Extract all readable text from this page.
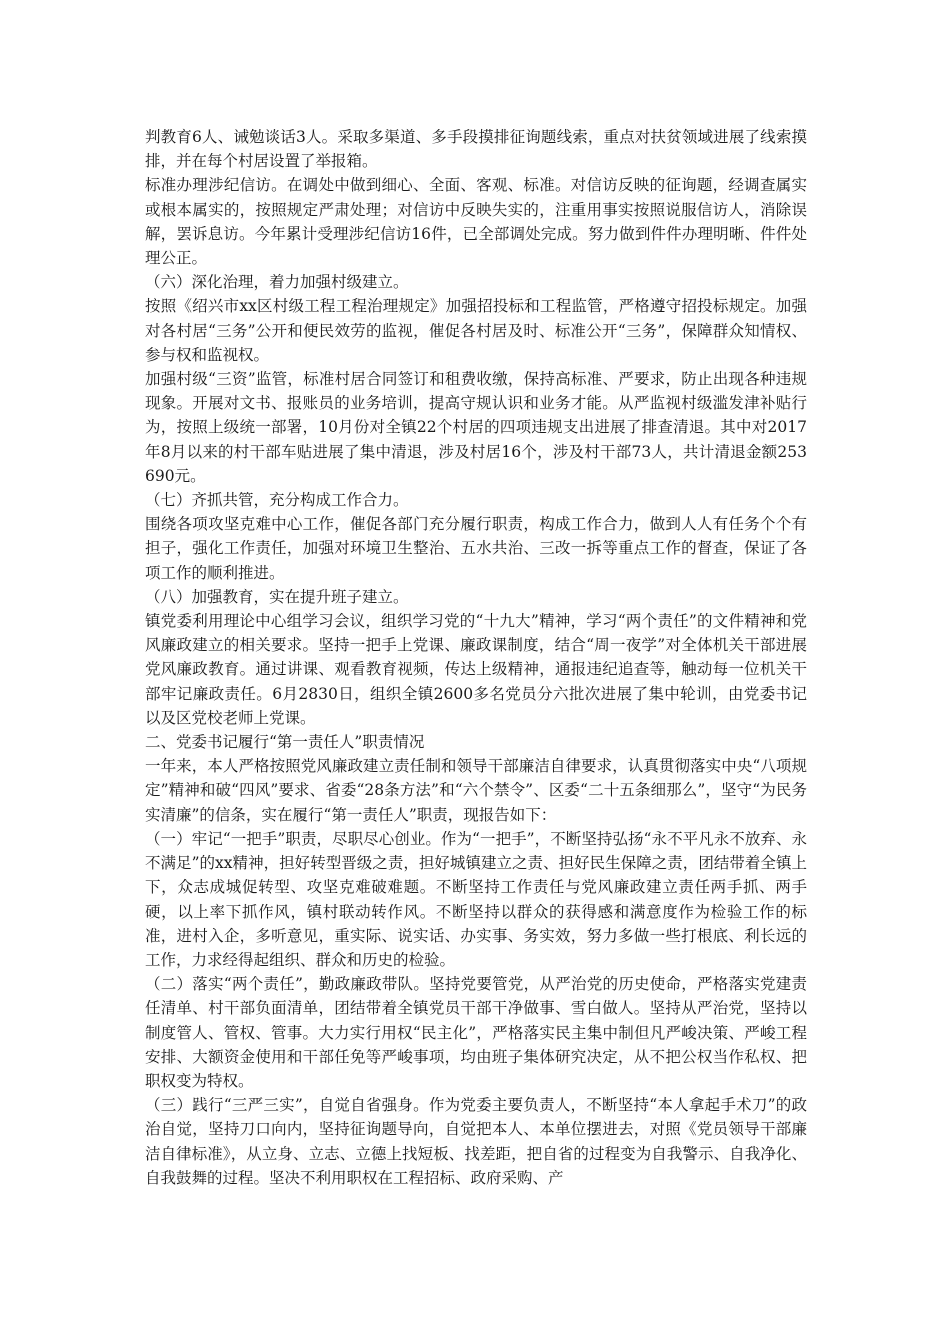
判教育6人、诫勉谈话3人。采取多渠道、多手段摸排征询题线索，重点对扶贫领域进展了线索摸排，并在每个村居设置了举报箱。

标准办理涉纪信访。在调处中做到细心、全面、客观、标准。对信访反映的征询题，经调查属实或根本属实的，按照规定严肃处理；对信访中反映失实的，注重用事实按照说服信访人，消除误解，罢诉息访。今年累计受理涉纪信访16件，已全部调处完成。努力做到件件办理明晰、件件处理公正。

（六）深化治理，着力加强村级建立。

按照《绍兴市xx区村级工程工程治理规定》加强招投标和工程监管，严格遵守招投标规定。加强对各村居“三务”公开和便民效劳的监视，催促各村居及时、标准公开“三务”，保障群众知情权、参与权和监视权。

加强村级“三资”监管，标准村居合同签订和租费收缴，保持高标准、严要求，防止出现各种违规现象。开展对文书、报账员的业务培训，提高守规认识和业务才能。从严监视村级滥发津补贴行为，按照上级统一部署，10月份对全镇22个村居的四项违规支出进展了排查清退。其中对2017年8月以来的村干部车贴进展了集中清退，涉及村居16个，涉及村干部73人，共计清退金额253690元。

（七）齐抓共管，充分构成工作合力。

围绕各项攻坚克难中心工作，催促各部门充分履行职责，构成工作合力，做到人人有任务个个有担子，强化工作责任，加强对环境卫生整治、五水共治、三改一拆等重点工作的督查，保证了各项工作的顺利推进。

（八）加强教育，实在提升班子建立。

镇党委利用理论中心组学习会议，组织学习党的“十九大”精神，学习“两个责任”的文件精神和党风廉政建立的相关要求。坚持一把手上党课、廉政课制度，结合“周一夜学”对全体机关干部进展党风廉政教育。通过讲课、观看教育视频，传达上级精神，通报违纪追查等，触动每一位机关干部牢记廉政责任。6月2830日，组织全镇2600多名党员分六批次进展了集中轮训，由党委书记以及区党校老师上党课。

二、党委书记履行“第一责任人”职责情况

一年来，本人严格按照党风廉政建立责任制和领导干部廉洁自律要求，认真贯彻落实中央“八项规定”精神和破“四风”要求、省委“28条方法”和“六个禁令”、区委“二十五条细那么”，坚守“为民务实清廉”的信条，实在履行“第一责任人”职责，现报告如下：

（一）牢记“一把手”职责，尽职尽心创业。作为“一把手”，不断坚持弘扬“永不平凡永不放弃、永不满足”的xx精神，担好转型晋级之责，担好城镇建立之责、担好民生保障之责，团结带着全镇上下，众志成城促转型、攻坚克难破难题。不断坚持工作责任与党风廉政建立责任两手抓、两手硬，以上率下抓作风，镇村联动转作风。不断坚持以群众的获得感和满意度作为检验工作的标准，进村入企，多听意见，重实际、说实话、办实事、务实效，努力多做一些打根底、利长远的工作，力求经得起组织、群众和历史的检验。

（二）落实“两个责任”，勤政廉政带队。坚持党要管党，从严治党的历史使命，严格落实党建责任清单、村干部负面清单，团结带着全镇党员干部干净做事、雪白做人。坚持从严治党，坚持以制度管人、管权、管事。大力实行用权“民主化”，严格落实民主集中制但凡严峻决策、严峻工程安排、大额资金使用和干部任免等严峻事项，均由班子集体研究决定，从不把公权当作私权、把职权变为特权。

（三）践行“三严三实”，自觉自省强身。作为党委主要负责人，不断坚持“本人拿起手术刀”的政治自觉，坚持刀口向内，坚持征询题导向，自觉把本人、本单位摆进去，对照《党员领导干部廉洁自律标准》，从立身、立志、立德上找短板、找差距，把自省的过程变为自我警示、自我净化、自我鼓舞的过程。坚决不利用职权在工程招标、政府采购、产
